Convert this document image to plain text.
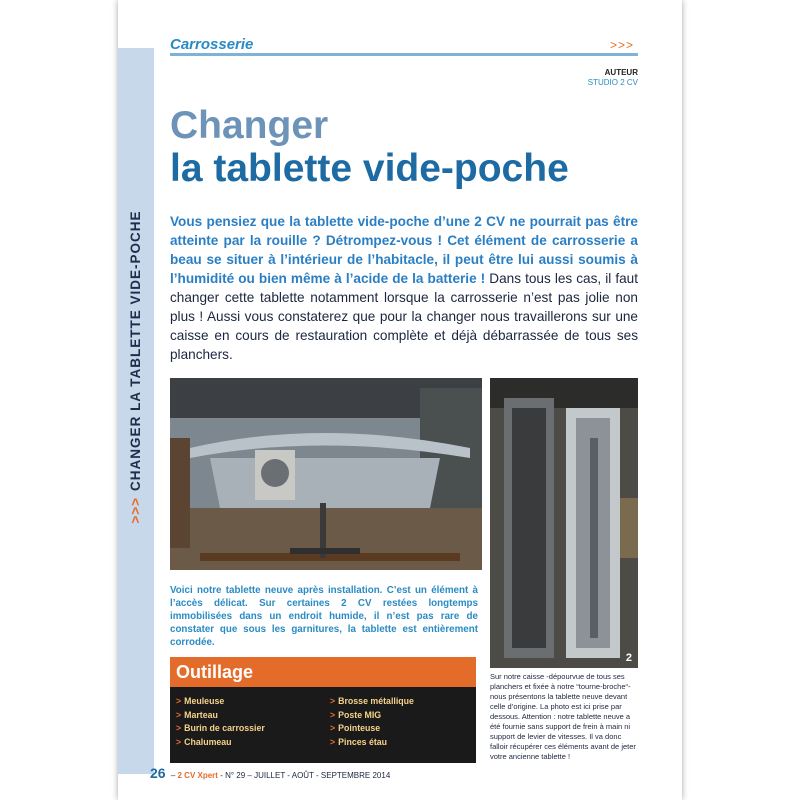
>>>CHANGER LA TABLETTE VIDE-POCHE
Carrosserie	>>>
AUTEUR
STUDIO 2 CV
Changer
la tablette vide-poche
Vous pensiez que la tablette vide-poche d’une 2 CV ne pourrait pas être atteinte par la rouille ? Détrompez-vous ! Cet élément de carrosserie a beau se situer à l’intérieur de l’habitacle, il peut être lui aussi soumis à l’humidité ou bien même à l’acide de la batterie ! Dans tous les cas, il faut changer cette tablette notamment lorsque la carrosserie n’est pas jolie non plus ! Aussi vous constaterez que pour la changer nous travaillerons sur une caisse en cours de restauration complète et déjà débarrassée de tous ses planchers.
2
Voici notre tablette neuve après installation. C’est un élément à l’accès délicat. Sur certaines 2 CV restées longtemps immobilisées dans un endroit humide, il n’est pas rare de constater que sous les garnitures, la tablette est entièrement corrodée.
Outillage
> Meuleuse
> Marteau
> Burin de carrossier
> Chalumeau
> Brosse métallique
> Poste MIG
> Pointeuse
> Pinces étau
Sur notre caisse -dépourvue de tous ses planchers et fixée à notre “tourne-broche“- nous présentons la tablette neuve devant celle d’origine. La photo est ici prise par dessous. Attention : notre tablette neuve a été fournie sans support de frein à main ni support de levier de vitesses. Il va donc falloir récupérer ces éléments avant de jeter votre ancienne tablette !
26 – 2 CV Xpert - N° 29 – JUILLET - AOÛT - SEPTEMBRE 2014
